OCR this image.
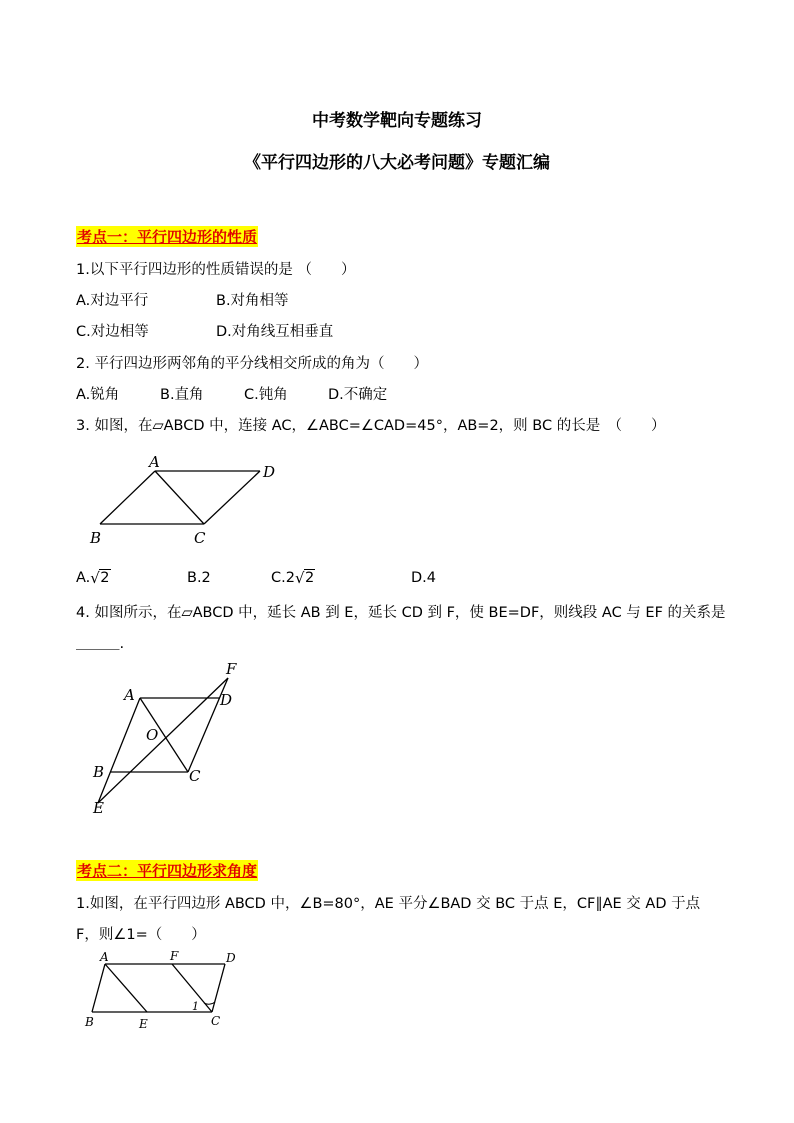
中考数学靶向专题练习
《平行四边形的八大必考问题》专题汇编
考点一：平行四边形的性质
1.以下平行四边形的性质错误的是 （　　）
A.对边平行	B.对角相等
C.对边相等	D.对角线互相垂直
2. 平行四边形两邻角的平分线相交所成的角为（　　）
A.锐角	B.直角	C.钝角	D.不确定
3. 如图，在▱ABCD 中，连接 AC，∠ABC=∠CAD=45°，AB=2，则 BC 的长是　（　　）
A
D
B	C
A. √ 2	B.2	C.2 √ 2	D.4
4. 如图所示，在▱ABCD 中，延长 AB 到 E，延长 CD 到 F，使 BE=DF，则线段 AC 与 EF 的关系是
＿＿＿.
F
A	D
O
B	C
E
考点二：平行四边形求角度
1.如图，在平行四边形 ABCD 中，∠B=80°，AE 平分∠BAD 交 BC 于点 E，CF∥AE 交 AD 于点
F，则∠1=（　　）
A	F	D
B	E	C
1
